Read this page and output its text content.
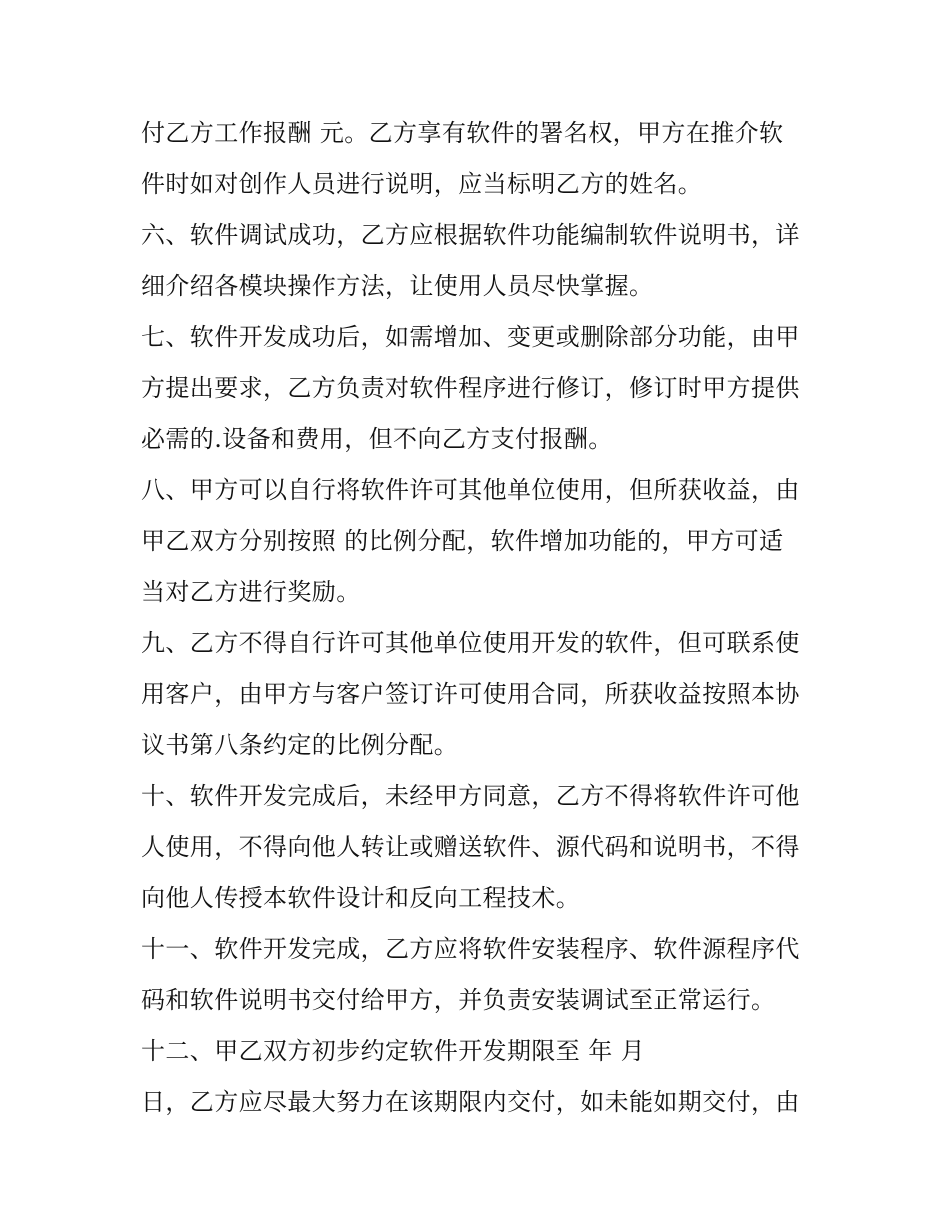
付乙方工作报酬 元。乙方享有软件的署名权，甲方在推介软
件时如对创作人员进行说明，应当标明乙方的姓名。
六、软件调试成功，乙方应根据软件功能编制软件说明书，详
细介绍各模块操作方法，让使用人员尽快掌握。
七、软件开发成功后，如需增加、变更或删除部分功能，由甲
方提出要求，乙方负责对软件程序进行修订，修订时甲方提供
必需的.设备和费用，但不向乙方支付报酬。
八、甲方可以自行将软件许可其他单位使用，但所获收益，由
甲乙双方分别按照 的比例分配，软件增加功能的，甲方可适
当对乙方进行奖励。
九、乙方不得自行许可其他单位使用开发的软件，但可联系使
用客户，由甲方与客户签订许可使用合同，所获收益按照本协
议书第八条约定的比例分配。
十、软件开发完成后，未经甲方同意，乙方不得将软件许可他
人使用，不得向他人转让或赠送软件、源代码和说明书，不得
向他人传授本软件设计和反向工程技术。
十一、软件开发完成，乙方应将软件安装程序、软件源程序代
码和软件说明书交付给甲方，并负责安装调试至正常运行。
十二、甲乙双方初步约定软件开发期限至 年 月
日，乙方应尽最大努力在该期限内交付，如未能如期交付，由
